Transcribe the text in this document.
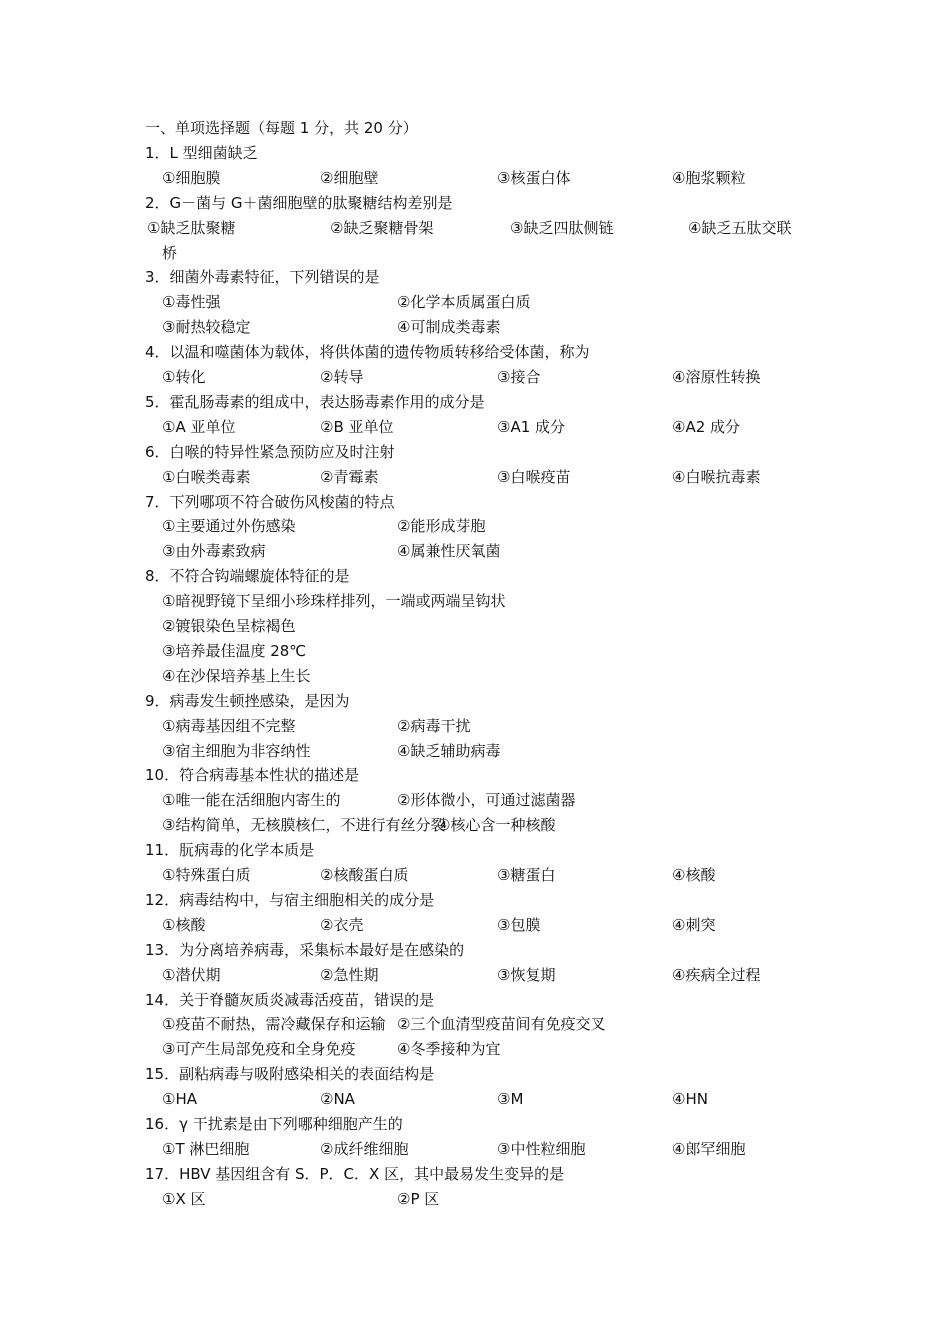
一、单项选择题（每题 1 分，共 20 分）
1．L 型细菌缺乏
①细胞膜	②细胞壁	③核蛋白体	④胞浆颗粒
2．G－菌与 G＋菌细胞壁的肽聚糖结构差别是
①缺乏肽聚糖	②缺乏聚糖骨架	③缺乏四肽侧链	④缺乏五肽交联
桥
3．细菌外毒素特征，下列错误的是
①毒性强	②化学本质属蛋白质
③耐热较稳定	④可制成类毒素
4．以温和噬菌体为载体，将供体菌的遗传物质转移给受体菌，称为
①转化	②转导	③接合	④溶原性转换
5．霍乱肠毒素的组成中，表达肠毒素作用的成分是
①A 亚单位	②B 亚单位	③A1 成分	④A2 成分
6．白喉的特异性紧急预防应及时注射
①白喉类毒素	②青霉素	③白喉疫苗	④白喉抗毒素
7．下列哪项不符合破伤风梭菌的特点
①主要通过外伤感染	②能形成芽胞
③由外毒素致病	④属兼性厌氧菌
8．不符合钩端螺旋体特征的是
①暗视野镜下呈细小珍珠样排列，一端或两端呈钩状
②镀银染色呈棕褐色
③培养最佳温度 28℃
④在沙保培养基上生长
9．病毒发生顿挫感染，是因为
①病毒基因组不完整	②病毒干扰
③宿主细胞为非容纳性	④缺乏辅助病毒
10．符合病毒基本性状的描述是
①唯一能在活细胞内寄生的	②形体微小，可通过滤菌器
③结构简单，无核膜核仁，不进行有丝分裂
④核心含一种核酸
11．朊病毒的化学本质是
①特殊蛋白质	②核酸蛋白质	③糖蛋白	④核酸
12．病毒结构中，与宿主细胞相关的成分是
①核酸	②衣壳	③包膜	④刺突
13．为分离培养病毒，采集标本最好是在感染的
①潜伏期	②急性期	③恢复期	④疾病全过程
14．关于脊髓灰质炎减毒活疫苗，错误的是
①疫苗不耐热，需冷藏保存和运输 ②三个血清型疫苗间有免疫交叉
③可产生局部免疫和全身免疫	④冬季接种为宜
15．副粘病毒与吸附感染相关的表面结构是
①HA	②NA	③M	④HN
16．γ 干扰素是由下列哪种细胞产生的
①T 淋巴细胞	②成纤维细胞	③中性粒细胞	④郎罕细胞
17．HBV 基因组含有 S．P．C．X 区，其中最易发生变异的是
①X 区	②P 区
